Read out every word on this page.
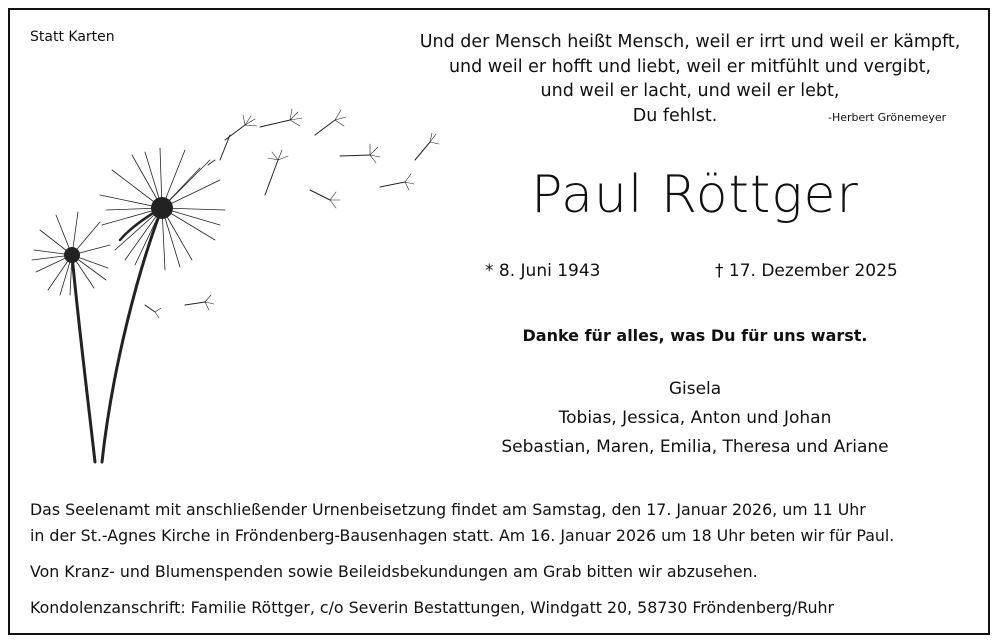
Statt Karten	Und der Mensch heißt Mensch, weil er irrt und weil er kämpft,
und weil er hofft und liebt, weil er mitfühlt und vergibt,
und weil er lacht, und weil er lebt,
Du fehlst.	-Herbert Grönemeyer
Paul Röttger
* 8. Juni 1943	† 17. Dezember 2025
Danke für alles, was Du für uns warst.
Gisela
Tobias, Jessica, Anton und Johan
Sebastian, Maren, Emilia, Theresa und Ariane
Das Seelenamt mit anschließender Urnenbeisetzung findet am Samstag, den 17. Januar 2026, um 11 Uhr
in der St.-Agnes Kirche in Fröndenberg-Bausenhagen statt. Am 16. Januar 2026 um 18 Uhr beten wir für Paul.
Von Kranz- und Blumenspenden sowie Beileidsbekundungen am Grab bitten wir abzusehen.
Kondolenzanschrift: Familie Röttger, c/o Severin Bestattungen, Windgatt 20, 58730 Fröndenberg/Ruhr
